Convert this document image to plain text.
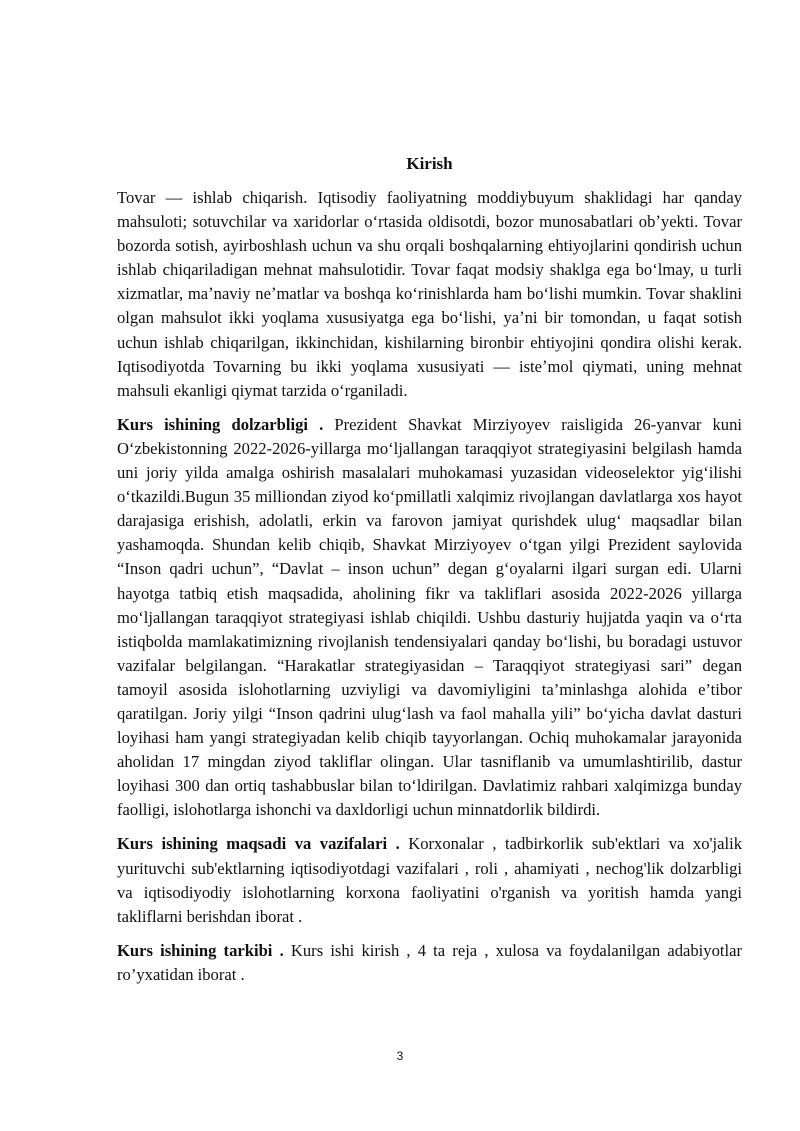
Kirish

Tovar — ishlab chiqarish. Iqtisodiy faoliyatning moddiybuyum shaklidagi har qanday mahsuloti; sotuvchilar va xaridorlar oʻrtasida oldisotdi, bozor munosabatlari obʼyekti. Tovar bozorda sotish, ayirboshlash uchun va shu orqali boshqalarning ehtiyojlarini qondirish uchun ishlab chiqariladigan mehnat mahsulotidir. Tovar faqat modsiy shaklga ega boʻlmay, u turli xizmatlar, maʼnaviy neʼmatlar va boshqa koʻrinishlarda ham boʻlishi mumkin. Tovar shaklini olgan mahsulot ikki yoqlama xususiyatga ega boʻlishi, yaʼni bir tomondan, u faqat sotish uchun ishlab chiqarilgan, ikkinchidan, kishilarning bironbir ehtiyojini qondira olishi kerak. Iqtisodiyotda Tovarning bu ikki yoqlama xususiyati — isteʼmol qiymati, uning mehnat mahsuli ekanligi qiymat tarzida oʻrganiladi.

Kurs ishining dolzarbligi . Prezident Shavkat Mirziyoyev raisligida 26-yanvar kuni O‘zbekistonning 2022-2026-yillarga mo‘ljallangan taraqqiyot strategiyasini belgilash hamda uni joriy yilda amalga oshirish masalalari muhokamasi yuzasidan videoselektor yig‘ilishi o‘tkazildi.Bugun 35 milliondan ziyod ko‘pmillatli xalqimiz rivojlangan davlatlarga xos hayot darajasiga erishish, adolatli, erkin va farovon jamiyat qurishdek ulug‘ maqsadlar bilan yashamoqda. Shundan kelib chiqib, Shavkat Mirziyoyev o‘tgan yilgi Prezident saylovida “Inson qadri uchun”, “Davlat – inson uchun” degan g‘oyalarni ilgari surgan edi. Ularni hayotga tatbiq etish maqsadida, aholining fikr va takliflari asosida 2022-2026 yillarga mo‘ljallangan taraqqiyot strategiyasi ishlab chiqildi. Ushbu dasturiy hujjatda yaqin va o‘rta istiqbolda mamlakatimizning rivojlanish tendensiyalari qanday bo‘lishi, bu boradagi ustuvor vazifalar belgilangan. “Harakatlar strategiyasidan – Taraqqiyot strategiyasi sari” degan tamoyil asosida islohotlarning uzviyligi va davomiyligini ta’minlashga alohida e’tibor qaratilgan. Joriy yilgi “Inson qadrini ulug‘lash va faol mahalla yili” bo‘yicha davlat dasturi loyihasi ham yangi strategiyadan kelib chiqib tayyorlangan. Ochiq muhokamalar jarayonida aholidan 17 mingdan ziyod takliflar olingan. Ular tasniflanib va umumlashtirilib, dastur loyihasi 300 dan ortiq tashabbuslar bilan to‘ldirilgan. Davlatimiz rahbari xalqimizga bunday faolligi, islohotlarga ishonchi va daxldorligi uchun minnatdorlik bildirdi.

Kurs ishining maqsadi va vazifalari . Korxonalar , tadbirkorlik sub'ektlari va xo'jalik yurituvchi sub'ektlarning iqtisodiyotdagi vazifalari , roli , ahamiyati , nechog'lik dolzarbligi va iqtisodiyodiy islohotlarning korxona faoliyatini o'rganish va yoritish hamda yangi takliflarni berishdan iborat .

Kurs ishining tarkibi . Kurs ishi kirish , 4 ta reja , xulosa va foydalanilgan adabiyotlar ro’yxatidan iborat .

3
